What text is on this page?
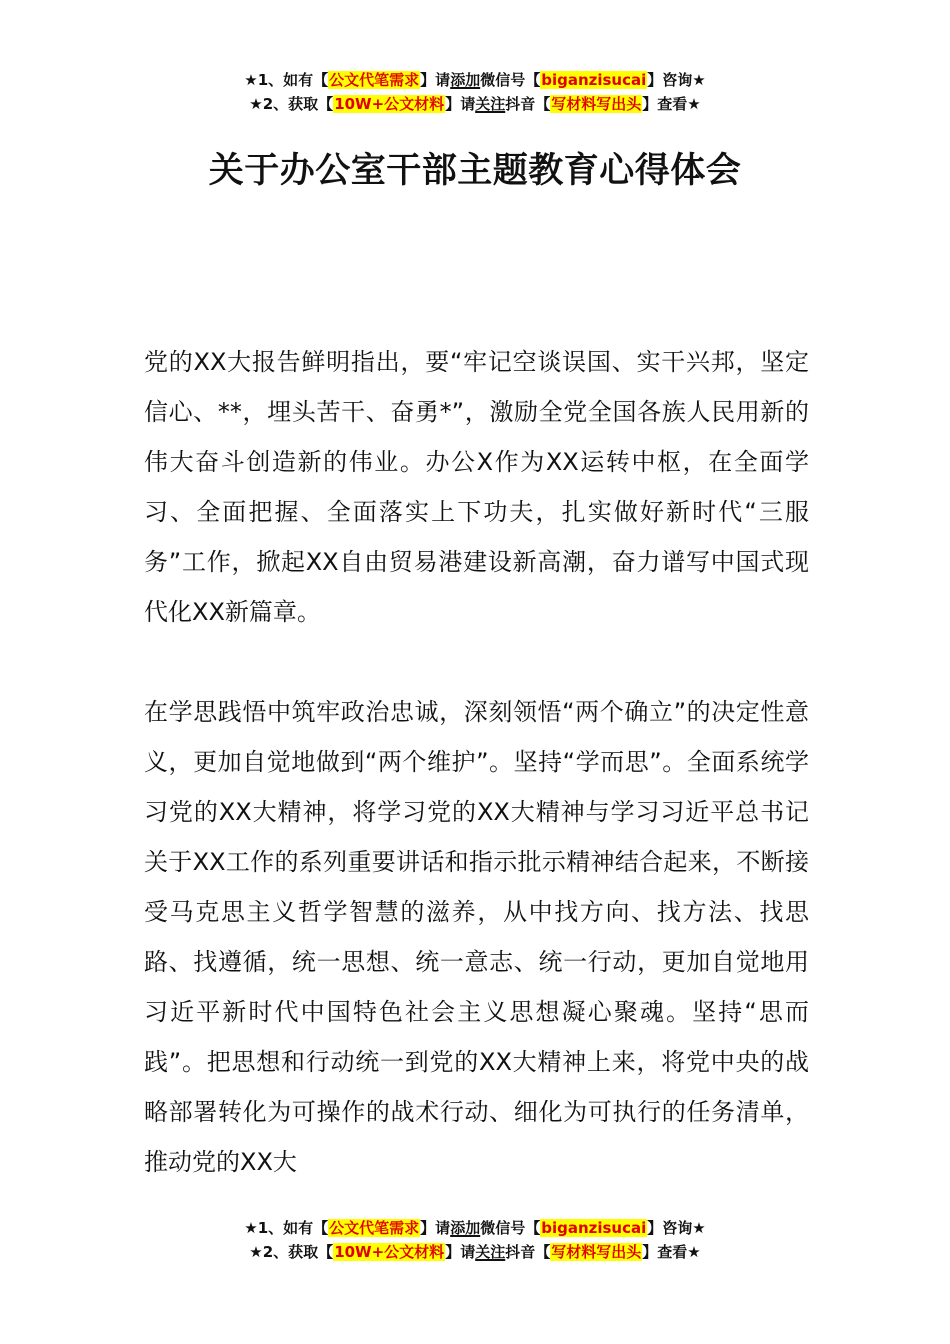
★1、如有【公文代笔需求】请添加微信号【biganzisucai】咨询★
★2、获取【10W+公文材料】请关注抖音【写材料写出头】查看★
关于办公室干部主题教育心得体会

党的XX大报告鲜明指出，要“牢记空谈误国、实干兴邦，坚定信心、**，埋头苦干、奋勇*”，激励全党全国各族人民用新的伟大奋斗创造新的伟业。办公X作为XX运转中枢，在全面学习、全面把握、全面落实上下功夫，扎实做好新时代“三服务”工作，掀起XX自由贸易港建设新高潮，奋力谱写中国式现代化XX新篇章。

在学思践悟中筑牢政治忠诚，深刻领悟“两个确立”的决定性意义，更加自觉地做到“两个维护”。坚持“学而思”。全面系统学习党的XX大精神，将学习党的XX大精神与学习习近平总书记关于XX工作的系列重要讲话和指示批示精神结合起来，不断接受马克思主义哲学智慧的滋养，从中找方向、找方法、找思路、找遵循，统一思想、统一意志、统一行动，更加自觉地用习近平新时代中国特色社会主义思想凝心聚魂。坚持“思而践”。把思想和行动统一到党的XX大精神上来，将党中央的战略部署转化为可操作的战术行动、细化为可执行的任务清单，推动党的XX大

★1、如有【公文代笔需求】请添加微信号【biganzisucai】咨询★
★2、获取【10W+公文材料】请关注抖音【写材料写出头】查看★
